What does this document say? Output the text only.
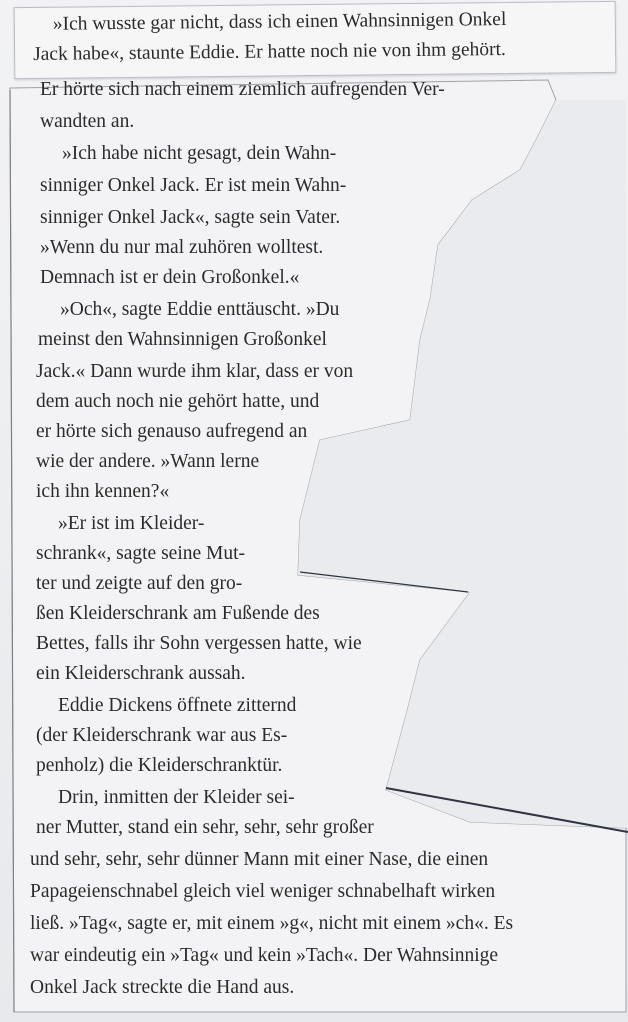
»Ich wusste gar nicht, dass ich einen Wahnsinnigen Onkel
Jack habe«, staunte Eddie. Er hatte noch nie von ihm gehört.
Er hörte sich nach einem ziemlich aufregenden Ver-
wandten an.
»Ich habe nicht gesagt, dein Wahn-
sinniger Onkel Jack. Er ist mein Wahn-
sinniger Onkel Jack«, sagte sein Vater.
»Wenn du nur mal zuhören wolltest.
Demnach ist er dein Großonkel.«
»Och«, sagte Eddie enttäuscht. »Du
meinst den Wahnsinnigen Großonkel
Jack.« Dann wurde ihm klar, dass er von
dem auch noch nie gehört hatte, und
er hörte sich genauso aufregend an
wie der andere. »Wann lerne
ich ihn kennen?«
»Er ist im Kleider-
schrank«, sagte seine Mut-
ter und zeigte auf den gro-
ßen Kleiderschrank am Fußende des
Bettes, falls ihr Sohn vergessen hatte, wie
ein Kleiderschrank aussah.
Eddie Dickens öffnete zitternd
(der Kleiderschrank war aus Es-
penholz) die Kleiderschranktür.
Drin, inmitten der Kleider sei-
ner Mutter, stand ein sehr, sehr, sehr großer
und sehr, sehr, sehr dünner Mann mit einer Nase, die einen
Papageienschnabel gleich viel weniger schnabelhaft wirken
ließ. »Tag«, sagte er, mit einem »g«, nicht mit einem »ch«. Es
war eindeutig ein »Tag« und kein »Tach«. Der Wahnsinnige
Onkel Jack streckte die Hand aus.
